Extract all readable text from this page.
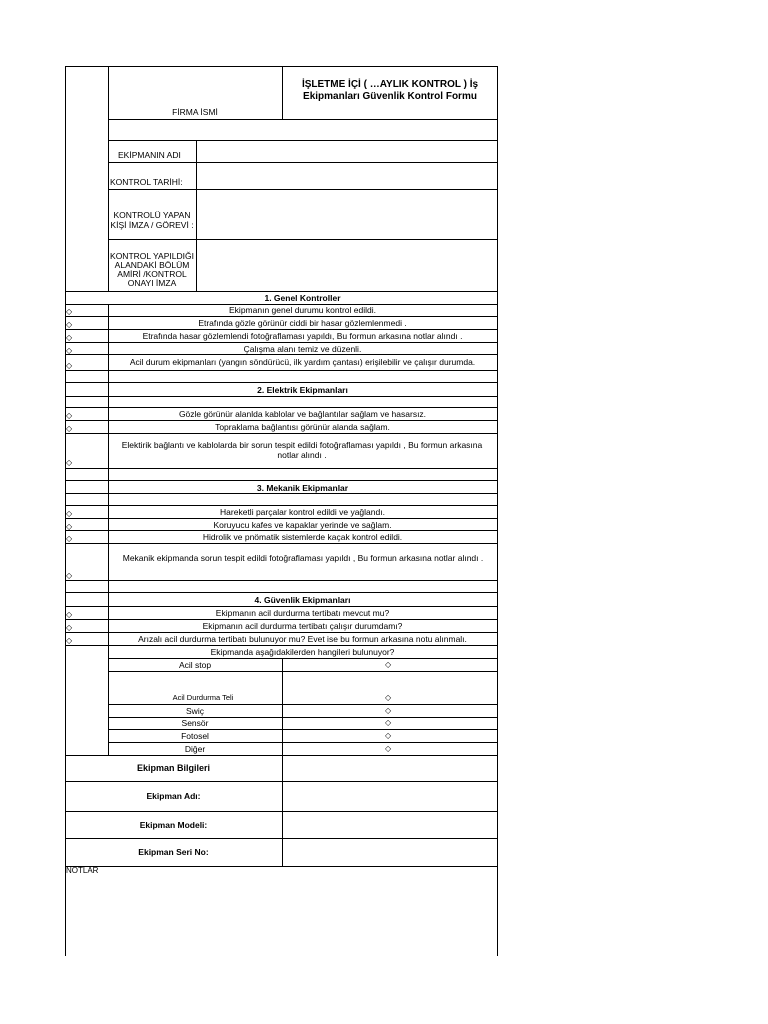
İŞLETME İÇİ ( …AYLIK KONTROL ) İş Ekipmanları Güvenlik Kontrol Formu
FİRMA İSMİ
EKİPMANIN ADI
KONTROL TARİHİ:
KONTROLÜ YAPAN KİŞİ İMZA / GÖREVİ :
KONTROL YAPILDIĞI ALANDAKİ BÖLÜM AMİRİ /KONTROL ONAYI İMZA
1. Genel Kontroller
Ekipmanın genel durumu kontrol edildi.
Etrafında gözle görünür ciddi bir hasar gözlemlenmedi .
Etrafında hasar gözlemlendi fotoğraflaması yapıldı, Bu formun arkasına notlar alındı .
Çalışma alanı temiz ve düzenli.
Acil durum ekipmanları (yangın söndürücü, ilk yardım çantası) erişilebilir ve çalışır durumda.
◇
◇
◇
◇
◇
2. Elektrik Ekipmanları
Gözle görünür alanlda kablolar ve bağlantılar sağlam ve hasarsız.
Topraklama bağlantısı görünür alanda sağlam.
Elektirik bağlantı ve kablolarda bir sorun tespit edildi fotoğraflaması yapıldı , Bu formun arkasına notlar alındı .
◇
◇
◇
3. Mekanik Ekipmanlar
Hareketli parçalar kontrol edildi ve yağlandı.
Koruyucu kafes ve kapaklar yerinde ve sağlam.
Hidrolik ve pnömatik sistemlerde kaçak kontrol edildi.
Mekanik ekipmanda sorun tespit edildi fotoğraflaması yapıldı , Bu formun arkasına notlar alındı .
◇
◇
◇
◇
4. Güvenlik Ekipmanları
Ekipmanın acil durdurma tertibatı mevcut mu?
Ekipmanın acil durdurma tertibatı çalışır durumdamı?
Arızalı acil durdurma tertibatı bulunuyor mu? Evet ise bu formun arkasına notu alınmalı.
◇
◇
◇
Ekipmanda aşağıdakilerden hangileri bulunuyor?
Acil stop
Acil Durdurma Teli
Swiç
Sensör
Fotosel
Diğer
◇
◇
◇
◇
◇
◇
Ekipman Bilgileri
Ekipman Adı:
Ekipman Modeli:
Ekipman Seri No:
NOTLAR
